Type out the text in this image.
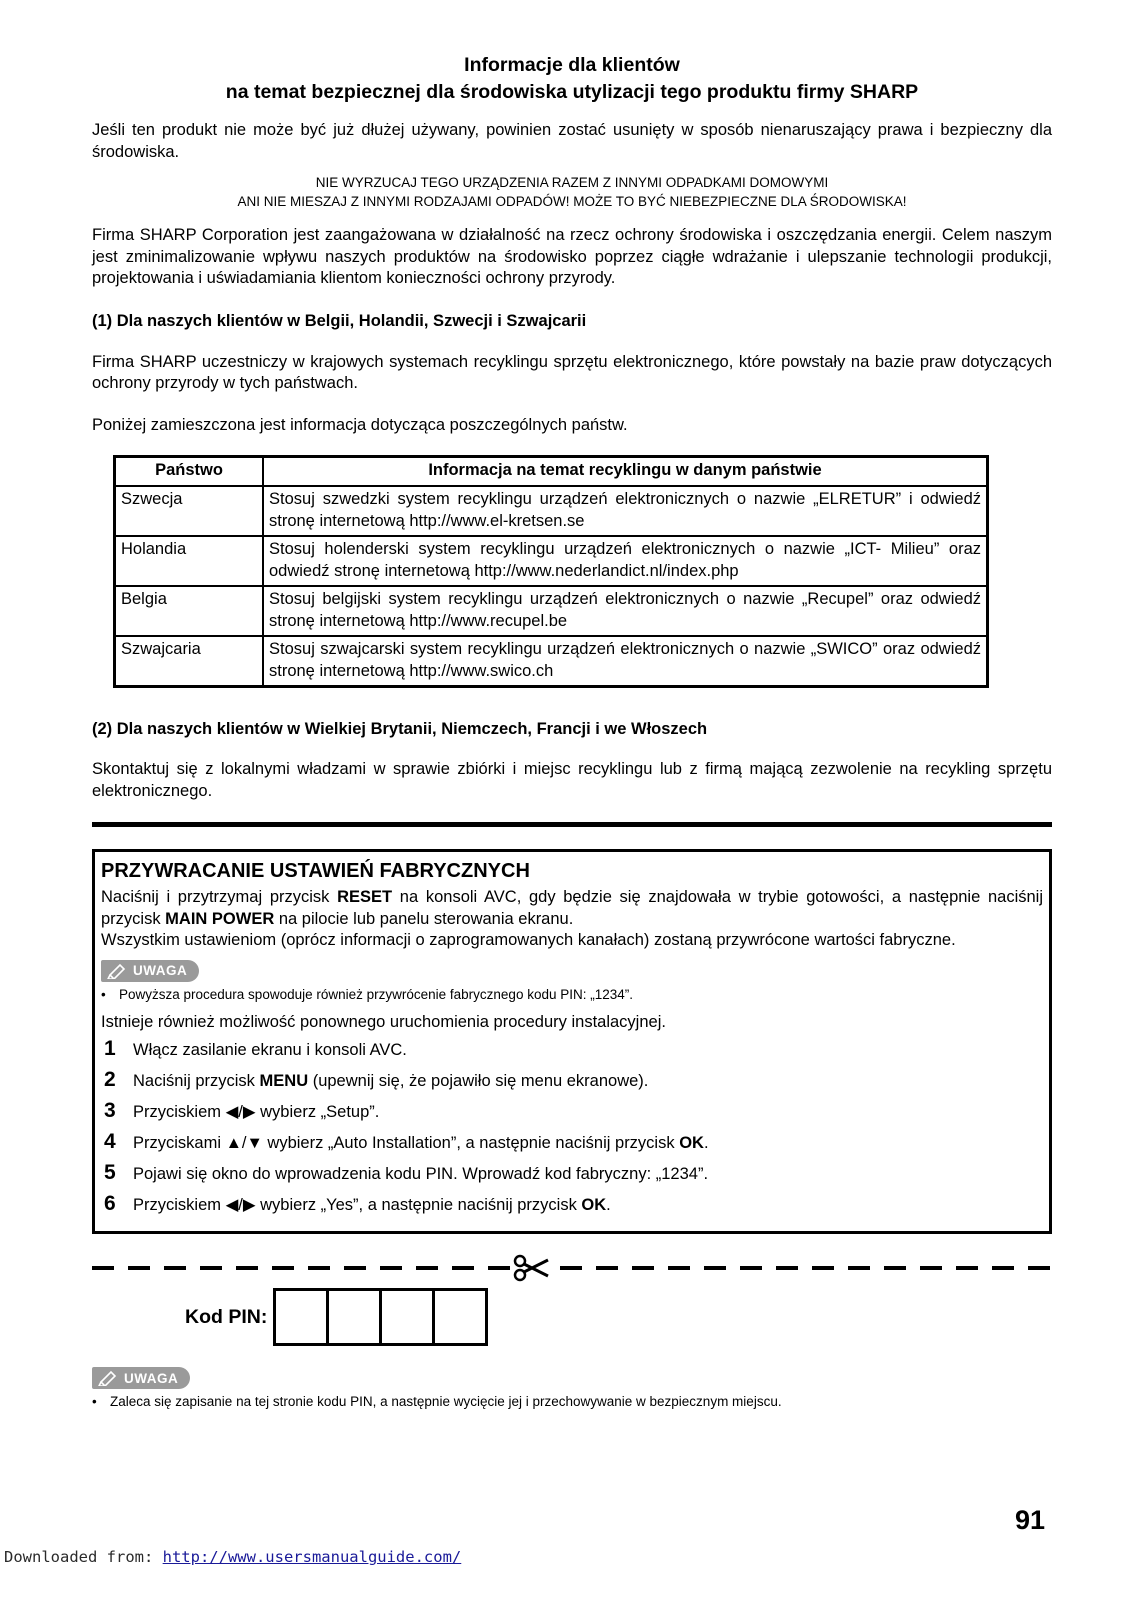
Informacje dla klientów
na temat bezpiecznej dla środowiska utylizacji tego produktu firmy SHARP

Jeśli ten produkt nie może być już dłużej używany, powinien zostać usunięty w sposób nienaruszający prawa i bezpieczny dla środowiska.

NIE WYRZUCAJ TEGO URZĄDZENIA RAZEM Z INNYMI ODPADKAMI DOMOWYMI
ANI NIE MIESZAJ Z INNYMI RODZAJAMI ODPADÓW! MOŻE TO BYĆ NIEBEZPIECZNE DLA ŚRODOWISKA!

Firma SHARP Corporation jest zaangażowana w działalność na rzecz ochrony środowiska i oszczędzania energii. Celem naszym jest zminimalizowanie wpływu naszych produktów na środowisko poprzez ciągłe wdrażanie i ulepszanie technologii produkcji, projektowania i uświadamiania klientom konieczności ochrony przyrody.

(1) Dla naszych klientów w Belgii, Holandii, Szwecji i Szwajcarii

Firma SHARP uczestniczy w krajowych systemach recyklingu sprzętu elektronicznego, które powstały na bazie praw dotyczących ochrony przyrody w tych państwach.

Poniżej zamieszczona jest informacja dotycząca poszczególnych państw.

Państwo	Informacja na temat recyklingu w danym państwie
Szwecja	Stosuj szwedzki system recyklingu urządzeń elektronicznych o nazwie „ELRETUR” i odwiedź stronę internetową http://www.el-kretsen.se
Holandia	Stosuj holenderski system recyklingu urządzeń elektronicznych o nazwie „ICT- Milieu” oraz odwiedź stronę internetową http://www.nederlandict.nl/index.php
Belgia	Stosuj belgijski system recyklingu urządzeń elektronicznych o nazwie „Recupel” oraz odwiedź stronę internetową http://www.recupel.be
Szwajcaria	Stosuj szwajcarski system recyklingu urządzeń elektronicznych o nazwie „SWICO” oraz odwiedź stronę internetową http://www.swico.ch

(2) Dla naszych klientów w Wielkiej Brytanii, Niemczech, Francji i we Włoszech

Skontaktuj się z lokalnymi władzami w sprawie zbiórki i miejsc recyklingu lub z firmą mającą zezwolenie na recykling sprzętu elektronicznego.

PRZYWRACANIE USTAWIEŃ FABRYCZNYCH

Naciśnij i przytrzymaj przycisk RESET na konsoli AVC, gdy będzie się znajdowała w trybie gotowości, a następnie naciśnij przycisk MAIN POWER na pilocie lub panelu sterowania ekranu.

Wszystkim ustawieniom (oprócz informacji o zaprogramowanych kanałach) zostaną przywrócone wartości fabryczne.

UWAGA

• Powyższa procedura spowoduje również przywrócenie fabrycznego kodu PIN: „1234”.

Istnieje również możliwość ponownego uruchomienia procedury instalacyjnej.

1	Włącz zasilanie ekranu i konsoli AVC.
2	Naciśnij przycisk MENU (upewnij się, że pojawiło się menu ekranowe).
3	Przyciskiem ◀/▶ wybierz „Setup”.
4	Przyciskami ▲/▼ wybierz „Auto Installation”, a następnie naciśnij przycisk OK.
5	Pojawi się okno do wprowadzenia kodu PIN. Wprowadź kod fabryczny: „1234”.
6	Przyciskiem ◀/▶ wybierz „Yes”, a następnie naciśnij przycisk OK.
Kod PIN:
UWAGA

• Zaleca się zapisanie na tej stronie kodu PIN, a następnie wycięcie jej i przechowywanie w bezpiecznym miejscu.

91
Downloaded from: http://www.usersmanualguide.com/
